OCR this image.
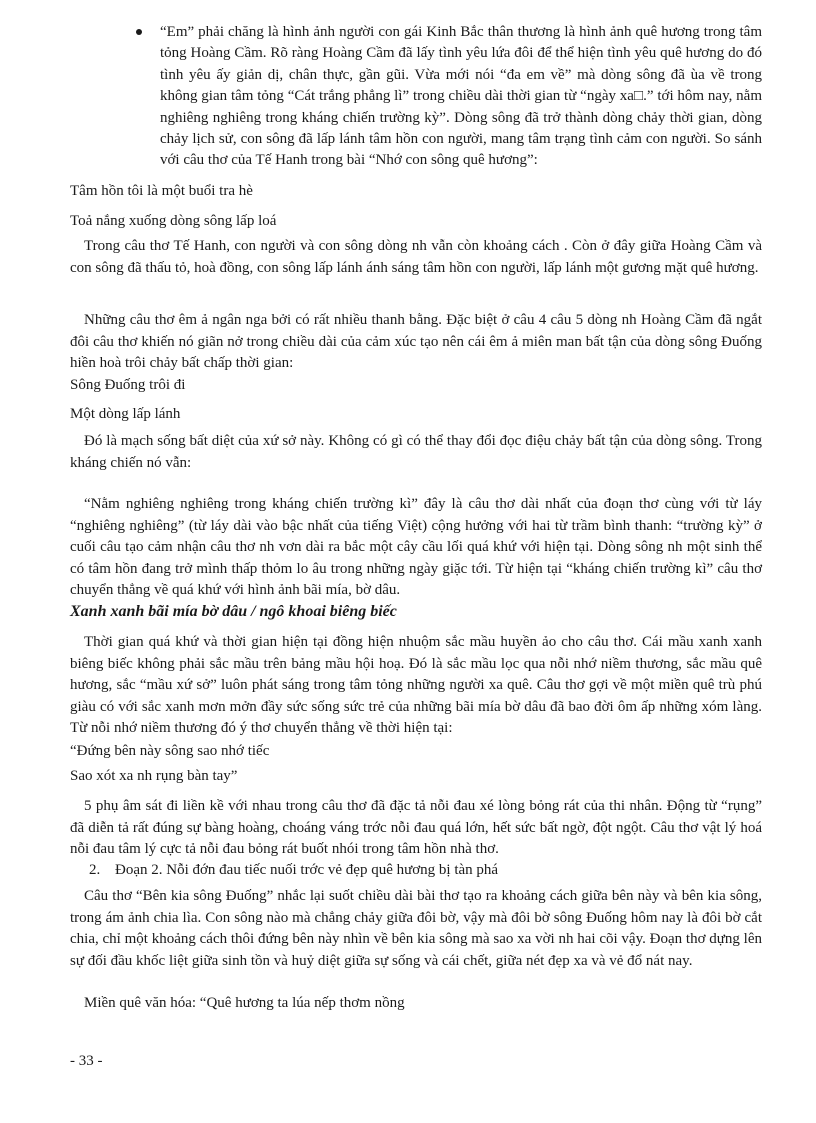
“Em” phải chăng là hình ảnh người con gái Kinh Bắc thân thương là hình ảnh quê hương trong tâm tỏng Hoàng Cầm. Rõ ràng Hoàng Cầm đã lấy tình yêu lứa đôi để thể hiện tình yêu quê hương do đó tình yêu ấy giản dị, chân thực, gần gũi. Vừa mới nói “đa em về” mà dòng sông đã ùa về trong không gian tâm tỏng “Cát trắng phẳng lì” trong chiều dài thời gian từ “ngày xa□.” tới hôm nay, nằm nghiêng nghiêng trong kháng chiến trường kỳ”. Dòng sông đã trở thành dòng chảy thời gian, dòng chảy lịch sử, con sông đã lấp lánh tâm hồn con người, mang tâm trạng tình cảm con người. So sánh với câu thơ của Tế Hanh trong bài “Nhớ con sông quê hương”:

Tâm hồn tôi là một buổi tra hè

Toả nắng xuống dòng sông lấp loá

Trong câu thơ Tế Hanh, con người và con sông dòng nh vẫn còn khoảng cách . Còn ở đây giữa Hoàng Cầm và con sông đã thấu tỏ, hoà đồng, con sông lấp lánh ánh sáng tâm hồn con người, lấp lánh một gương mặt quê hương.

Những câu thơ êm ả ngân nga bởi có rất nhiều thanh bằng. Đặc biệt ở câu 4 câu 5 dòng nh Hoàng Cầm đã ngắt đôi câu thơ khiến nó giãn nở trong chiều dài của cảm xúc tạo nên cái êm ả miên man bất tận của dòng sông Đuống hiền hoà trôi chảy bất chấp thời gian:

Sông Đuống trôi đi

Một dòng lấp lánh

Đó là mạch sống bất diệt của xứ sở này. Không có gì có thể thay đổi đọc điệu chảy bất tận của dòng sông. Trong kháng chiến nó vẫn:

“Nằm nghiêng nghiêng trong kháng chiến trường kì” đây là câu thơ dài nhất của đoạn thơ cùng với từ láy “nghiêng nghiêng” (từ láy dài vào bậc nhất của tiếng Việt) cộng hưởng với hai từ trầm bình thanh: “trường kỳ” ở cuối câu tạo cảm nhận câu thơ nh vơn dài ra bắc một cây cầu lối quá khứ với hiện tại. Dòng sông nh một sinh thể có tâm hồn đang trở mình thấp thỏm lo âu trong những ngày giặc tới. Từ hiện tại “kháng chiến trường kì” câu thơ chuyển thẳng về quá khứ với hình ảnh bãi mía, bờ dâu.

Xanh xanh bãi mía bờ dâu / ngô khoai biêng biếc

Thời gian quá khứ và thời gian hiện tại đồng hiện nhuộm sắc mầu huyền ảo cho câu thơ. Cái mầu xanh xanh biêng biếc không phải sắc mầu trên bảng mầu hội hoạ. Đó là sắc mầu lọc qua nỗi nhớ niềm thương, sắc mầu quê hương, sắc “mầu xứ sở” luôn phát sáng trong tâm tỏng những người xa quê. Câu thơ gợi về một miền quê trù phú giàu có với sắc xanh mơn mởn đầy sức sống sức trẻ của những bãi mía bờ dâu đã bao đời ôm ấp những xóm làng. Từ nỗi nhớ niềm thương đó ý thơ chuyển thẳng về thời hiện tại:

“Đứng bên này sông sao nhớ tiếc

Sao xót xa nh rụng bàn tay”

5 phụ âm sát đi liền kề với nhau trong câu thơ đã đặc tả nỗi đau xé lòng bỏng rát của thi nhân. Động từ “rụng” đã diễn tả rất đúng sự bàng hoàng, choáng váng trớc nỗi đau quá lớn, hết sức bất ngờ, đột ngột. Câu thơ vật lý hoá nỗi đau tâm lý cực tả nỗi đau bỏng rát buốt nhói trong tâm hồn nhà thơ.

2. Đoạn 2. Nỗi đớn đau tiếc nuối trớc vẻ đẹp quê hương bị tàn phá

Câu thơ “Bên kia sông Đuống” nhắc lại suốt chiều dài bài thơ tạo ra khoảng cách giữa bên này và bên kia sông, trong ám ảnh chia lìa. Con sông nào mà chẳng chảy giữa đôi bờ, vậy mà đôi bờ sông Đuống hôm nay là đôi bờ cắt chia, chỉ một khoảng cách thôi đứng bên này nhìn về bên kia sông mà sao xa vời nh hai cõi vậy. Đoạn thơ dựng lên sự đối đầu khốc liệt giữa sinh tồn và huỷ diệt giữa sự sống và cái chết, giữa nét đẹp xa và vẻ đổ nát nay.

Miền quê văn hóa: “Quê hương ta lúa nếp thơm nồng

- 33 -
